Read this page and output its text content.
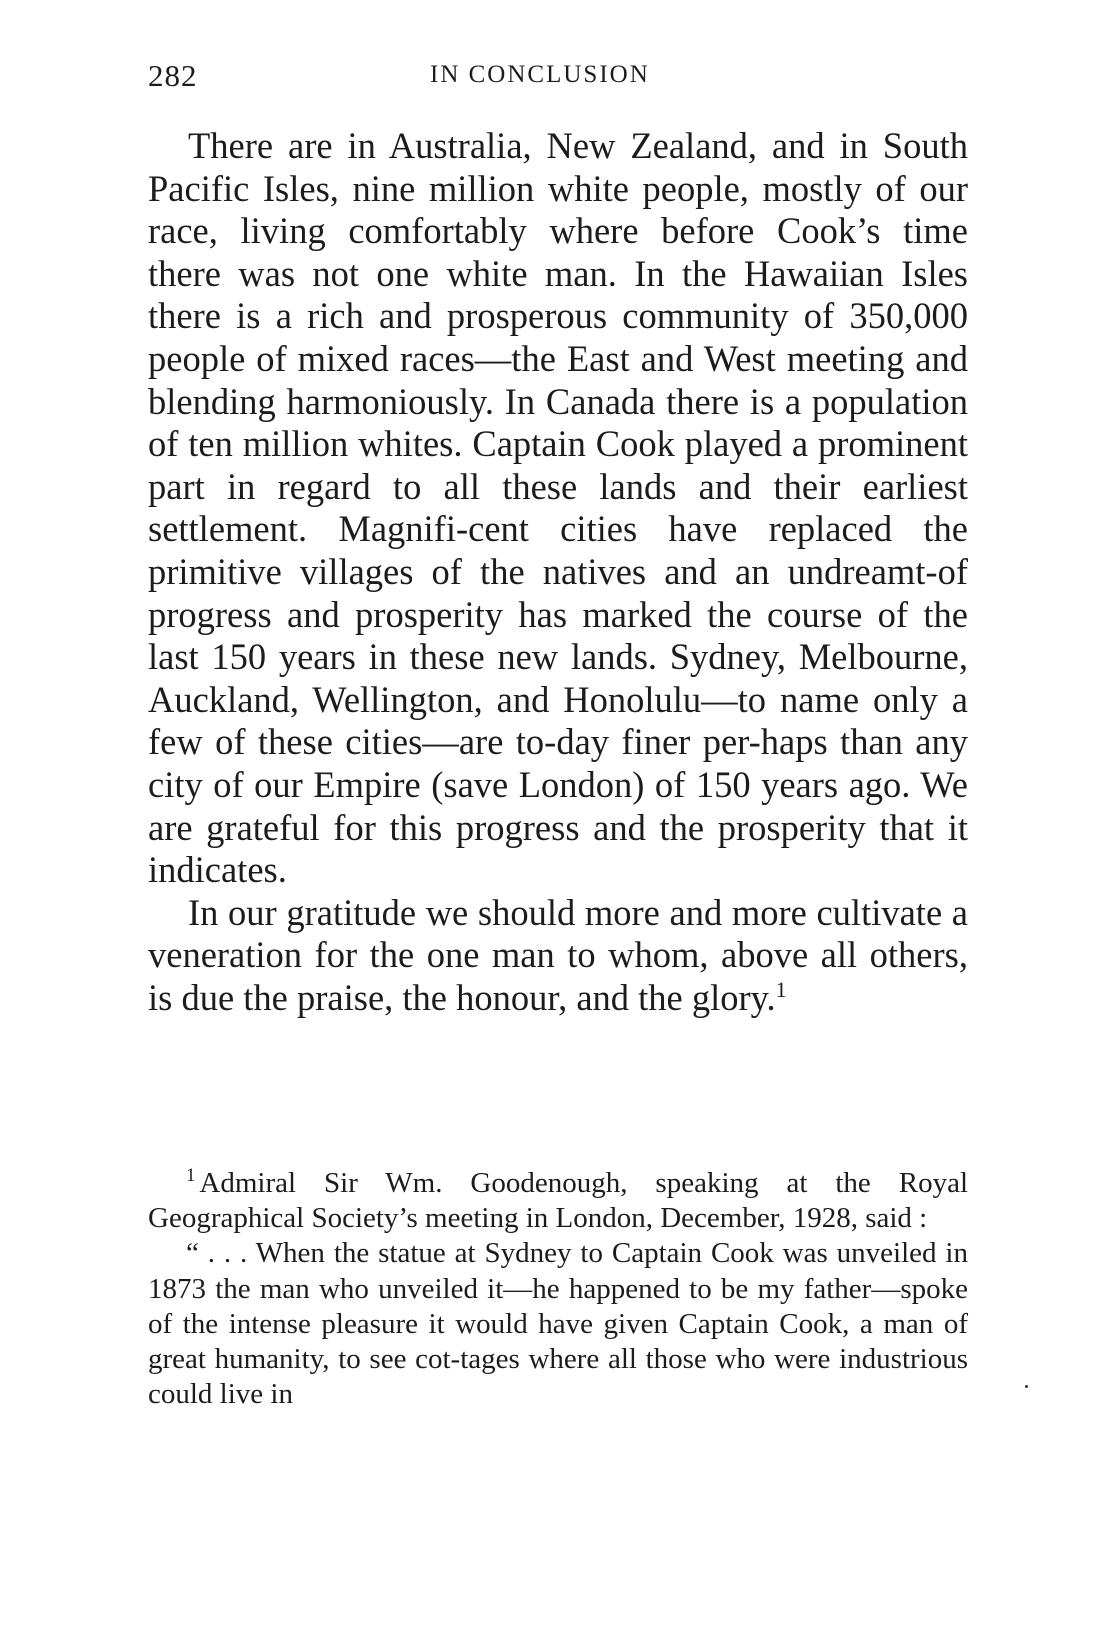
282	IN CONCLUSION

There are in Australia, New Zealand, and in South Pacific Isles, nine million white people, mostly of our race, living comfortably where before Cook’s time there was not one white man. In the Hawaiian Isles there is a rich and prosperous community of 350,000 people of mixed races—the East and West meeting and blending harmoniously. In Canada there is a population of ten million whites. Captain Cook played a prominent part in regard to all these lands and their earliest settlement. Magnifi-cent cities have replaced the primitive villages of the natives and an undreamt-of progress and prosperity has marked the course of the last 150 years in these new lands. Sydney, Melbourne, Auckland, Wellington, and Honolulu—to name only a few of these cities—are to-day finer per-haps than any city of our Empire (save London) of 150 years ago. We are grateful for this progress and the prosperity that it indicates.

In our gratitude we should more and more cultivate a veneration for the one man to whom, above all others, is due the praise, the honour, and the glory.$^1$

$^1$ Admiral Sir Wm. Goodenough, speaking at the Royal Geographical Society’s meeting in London, December, 1928, said :

“ . . . When the statue at Sydney to Captain Cook was unveiled in 1873 the man who unveiled it—he happened to be my father—spoke of the intense pleasure it would have given Captain Cook, a man of great humanity, to see cot-tages where all those who were industrious could live in
